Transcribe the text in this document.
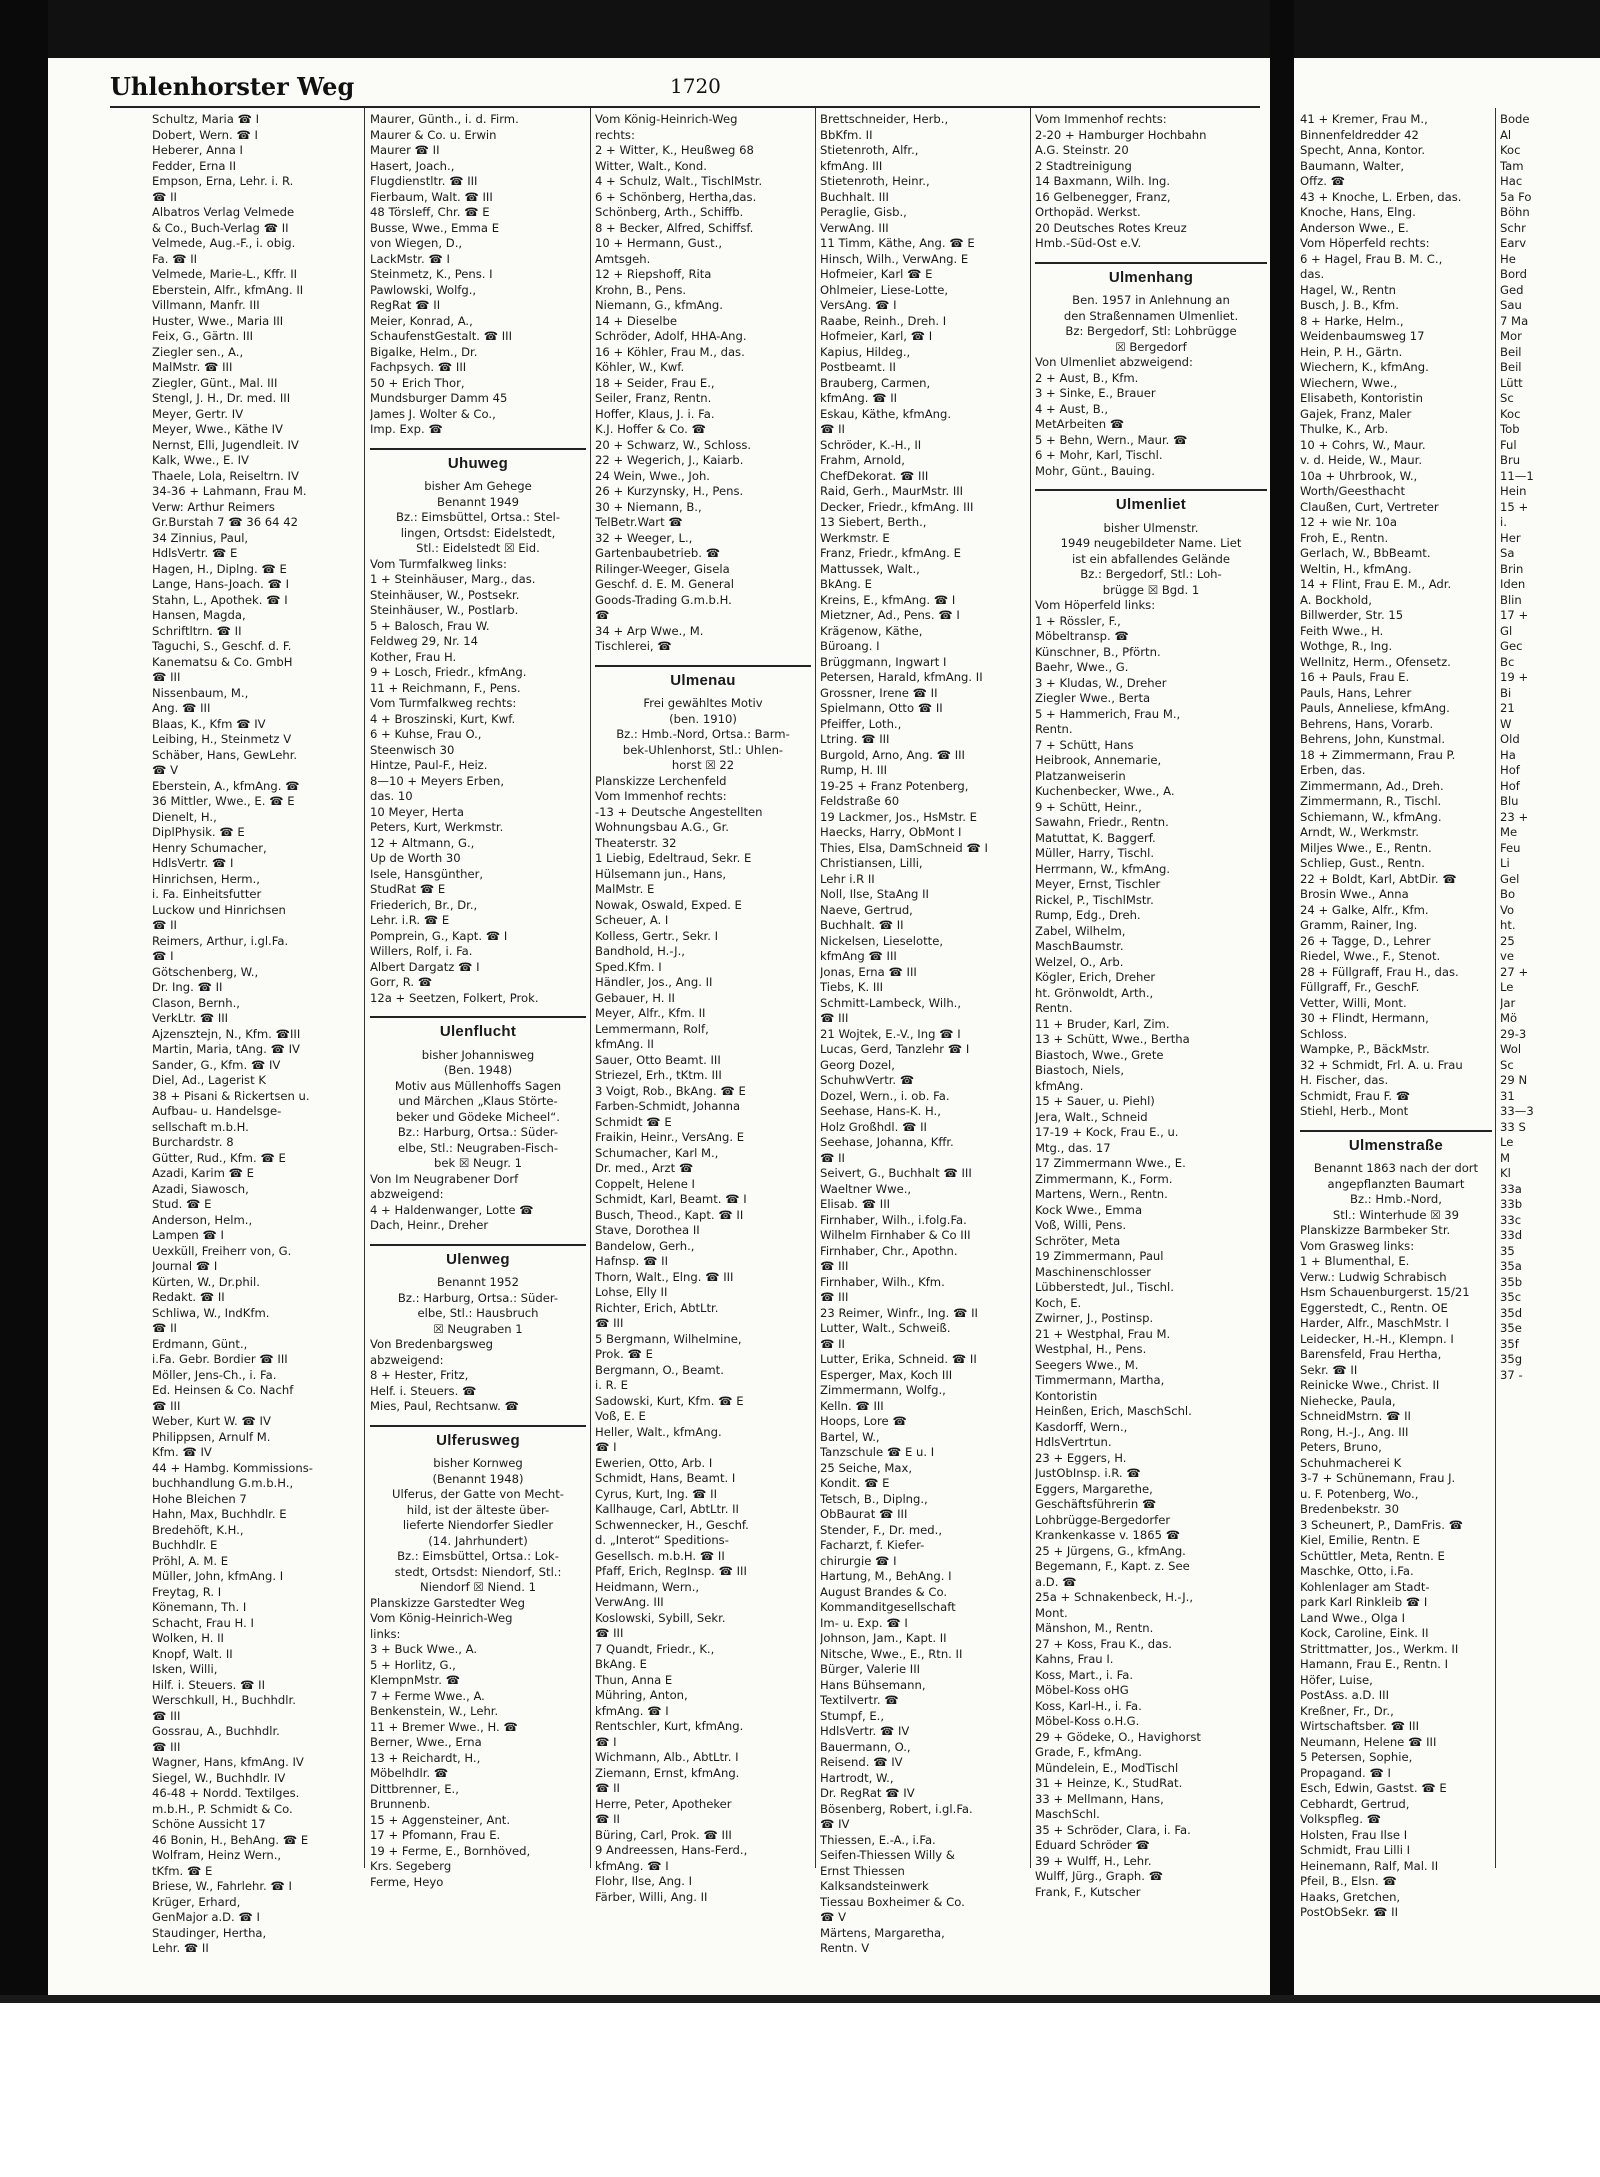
Uhlenhorster Weg	1720
Schultz, Maria ☎ I
Dobert, Wern. ☎ I
Heberer, Anna I
Fedder, Erna II
Empson, Erna, Lehr. i. R.
☎ II
Albatros Verlag Velmede
& Co., Buch-Verlag ☎ II
Velmede, Aug.-F., i. obig.
Fa. ☎ II
Velmede, Marie-L., Kffr. II
Eberstein, Alfr., kfmAng. II
Villmann, Manfr. III
Huster, Wwe., Maria III
Feix, G., Gärtn. III
Ziegler sen., A.,
MalMstr. ☎ III
Ziegler, Günt., Mal. III
Stengl, J. H., Dr. med. III
Meyer, Gertr. IV
Meyer, Wwe., Käthe IV
Nernst, Elli, Jugendleit. IV
Kalk, Wwe., E. IV
Thaele, Lola, Reiseltrn. IV
34-36 + Lahmann, Frau M.
Verw: Arthur Reimers
Gr.Burstah 7 ☎ 36 64 42
34 Zinnius, Paul,
HdlsVertr. ☎ E
Hagen, H., Diplng. ☎ E
Lange, Hans-Joach. ☎ I
Stahn, L., Apothek. ☎ I
Hansen, Magda,
Schriftltrn. ☎ II
Taguchi, S., Geschf. d. F.
Kanematsu & Co. GmbH
☎ III
Nissenbaum, M.,
Ang. ☎ III
Blaas, K., Kfm ☎ IV
Leibing, H., Steinmetz V
Schäber, Hans, GewLehr.
☎ V
Eberstein, A., kfmAng. ☎
36 Mittler, Wwe., E. ☎ E
Dienelt, H.,
DiplPhysik. ☎ E
Henry Schumacher,
HdlsVertr. ☎ I
Hinrichsen, Herm.,
i. Fa. Einheitsfutter
Luckow und Hinrichsen
☎ II
Reimers, Arthur, i.gl.Fa.
☎ I
Götschenberg, W.,
Dr. Ing. ☎ II
Clason, Bernh.,
VerkLtr. ☎ III
Ajzensztejn, N., Kfm. ☎III
Martin, Maria, tAng. ☎ IV
Sander, G., Kfm. ☎ IV
Diel, Ad., Lagerist K
38 + Pisani & Rickertsen u.
Aufbau- u. Handelsge-
sellschaft m.b.H.
Burchardstr. 8
Gütter, Rud., Kfm. ☎ E
Azadi, Karim ☎ E
Azadi, Siawosch,
Stud. ☎ E
Anderson, Helm.,
Lampen ☎ I
Uexküll, Freiherr von, G.
Journal ☎ I
Kürten, W., Dr.phil.
Redakt. ☎ II
Schliwa, W., IndKfm.
☎ II
Erdmann, Günt.,
i.Fa. Gebr. Bordier ☎ III
Möller, Jens-Ch., i. Fa.
Ed. Heinsen & Co. Nachf
☎ III
Weber, Kurt W. ☎ IV
Philippsen, Arnulf M.
Kfm. ☎ IV
44 + Hambg. Kommissions-
buchhandlung G.m.b.H.,
Hohe Bleichen 7
Hahn, Max, Buchhdlr. E
Bredehöft, K.H.,
Buchhdlr. E
Pröhl, A. M. E
Müller, John, kfmAng. I
Freytag, R. I
Könemann, Th. I
Schacht, Frau H. I
Wolken, H. II
Knopf, Walt. II
Isken, Willi,
Hilf. i. Steuers. ☎ II
Werschkull, H., Buchhdlr.
☎ III
Gossrau, A., Buchhdlr.
☎ III
Wagner, Hans, kfmAng. IV
Siegel, W., Buchhdlr. IV
46-48 + Nordd. Textilges.
m.b.H., P. Schmidt & Co.
Schöne Aussicht 17
46 Bonin, H., BehAng. ☎ E
Wolfram, Heinz Wern.,
tKfm. ☎ E
Briese, W., Fahrlehr. ☎ I
Krüger, Erhard,
GenMajor a.D. ☎ I
Staudinger, Hertha,
Lehr. ☎ II
Maurer, Günth., i. d. Firm.
Maurer & Co. u. Erwin
Maurer ☎ II
Hasert, Joach.,
Flugdienstltr. ☎ III
Fierbaum, Walt. ☎ III
48 Törsleff, Chr. ☎ E
Busse, Wwe., Emma E
von Wiegen, D.,
LackMstr. ☎ I
Steinmetz, K., Pens. I
Pawlowski, Wolfg.,
RegRat ☎ II
Meier, Konrad, A.,
SchaufenstGestalt. ☎ III
Bigalke, Helm., Dr.
Fachpsych. ☎ III
50 + Erich Thor,
Mundsburger Damm 45
James J. Wolter & Co.,
Imp. Exp. ☎
Uhuweg
bisher Am Gehege
Benannt 1949
Bz.: Eimsbüttel, Ortsa.: Stel-
lingen, Ortsdst: Eidelstedt,
Stl.: Eidelstedt ☒ Eid.
Vom Turmfalkweg links:
1 + Steinhäuser, Marg., das.
Steinhäuser, W., Postsekr.
Steinhäuser, W., Postlarb.
5 + Balosch, Frau W.
Feldweg 29, Nr. 14
Kother, Frau H.
9 + Losch, Friedr., kfmAng.
11 + Reichmann, F., Pens.
Vom Turmfalkweg rechts:
4 + Broszinski, Kurt, Kwf.
6 + Kuhse, Frau O.,
Steenwisch 30
Hintze, Paul-F., Heiz.
8—10 + Meyers Erben,
das. 10
10 Meyer, Herta
Peters, Kurt, Werkmstr.
12 + Altmann, G.,
Up de Worth 30
Isele, Hansgünther,
StudRat ☎ E
Friederich, Br., Dr.,
Lehr. i.R. ☎ E
Pomprein, G., Kapt. ☎ I
Willers, Rolf, i. Fa.
Albert Dargatz ☎ I
Gorr, R. ☎
12a + Seetzen, Folkert, Prok.
Ulenflucht
bisher Johannisweg
(Ben. 1948)
Motiv aus Müllenhoffs Sagen
und Märchen „Klaus Störte-
beker und Gödeke Micheel“.
Bz.: Harburg, Ortsa.: Süder-
elbe, Stl.: Neugraben-Fisch-
bek ☒ Neugr. 1
Von Im Neugrabener Dorf
abzweigend:
4 + Haldenwanger, Lotte ☎
Dach, Heinr., Dreher
Ulenweg
Benannt 1952
Bz.: Harburg, Ortsa.: Süder-
elbe, Stl.: Hausbruch
☒ Neugraben 1
Von Bredenbargsweg
abzweigend:
8 + Hester, Fritz,
Helf. i. Steuers. ☎
Mies, Paul, Rechtsanw. ☎
Ulferusweg
bisher Kornweg
(Benannt 1948)
Ulferus, der Gatte von Mecht-
hild, ist der älteste über-
lieferte Niendorfer Siedler
(14. Jahrhundert)
Bz.: Eimsbüttel, Ortsa.: Lok-
stedt, Ortsdst: Niendorf, Stl.:
Niendorf ☒ Niend. 1
Planskizze Garstedter Weg
Vom König-Heinrich-Weg
links:
3 + Buck Wwe., A.
5 + Horlitz, G.,
KlempnMstr. ☎
7 + Ferme Wwe., A.
Benkenstein, W., Lehr.
11 + Bremer Wwe., H. ☎
Berner, Wwe., Erna
13 + Reichardt, H.,
Möbelhdlr. ☎
Dittbrenner, E.,
Brunnenb.
15 + Aggensteiner, Ant.
17 + Pfomann, Frau E.
19 + Ferme, E., Bornhöved,
Krs. Segeberg
Ferme, Heyo
Vom König-Heinrich-Weg
rechts:
2 + Witter, K., Heußweg 68
Witter, Walt., Kond.
4 + Schulz, Walt., TischlMstr.
6 + Schönberg, Hertha,das.
Schönberg, Arth., Schiffb.
8 + Becker, Alfred, Schiffsf.
10 + Hermann, Gust.,
Amtsgeh.
12 + Riepshoff, Rita
Krohn, B., Pens.
Niemann, G., kfmAng.
14 + Dieselbe
Schröder, Adolf, HHA-Ang.
16 + Köhler, Frau M., das.
Köhler, W., Kwf.
18 + Seider, Frau E.,
Seiler, Franz, Rentn.
Hoffer, Klaus, J. i. Fa.
K.J. Hoffer & Co. ☎
20 + Schwarz, W., Schloss.
22 + Wegerich, J., Kaiarb.
24 Wein, Wwe., Joh.
26 + Kurzynsky, H., Pens.
30 + Niemann, B.,
TelBetr.Wart ☎
32 + Weeger, L.,
Gartenbaubetrieb. ☎
Rilinger-Weeger, Gisela
Geschf. d. E. M. General
Goods-Trading G.m.b.H.
☎
34 + Arp Wwe., M.
Tischlerei, ☎
Ulmenau
Frei gewähltes Motiv
(ben. 1910)
Bz.: Hmb.-Nord, Ortsa.: Barm-
bek-Uhlenhorst, Stl.: Uhlen-
horst ☒ 22
Planskizze Lerchenfeld
Vom Immenhof rechts:
-13 + Deutsche Angestellten
Wohnungsbau A.G., Gr.
Theaterstr. 32
1 Liebig, Edeltraud, Sekr. E
Hülsemann jun., Hans,
MalMstr. E
Nowak, Oswald, Exped. E
Scheuer, A. I
Kolless, Gertr., Sekr. I
Bandhold, H.-J.,
Sped.Kfm. I
Händler, Jos., Ang. II
Gebauer, H. II
Meyer, Alfr., Kfm. II
Lemmermann, Rolf,
kfmAng. II
Sauer, Otto Beamt. III
Striezel, Erh., tKtm. III
3 Voigt, Rob., BkAng. ☎ E
Farben-Schmidt, Johanna
Schmidt ☎ E
Fraikin, Heinr., VersAng. E
Schumacher, Karl M.,
Dr. med., Arzt ☎
Coppelt, Helene I
Schmidt, Karl, Beamt. ☎ I
Busch, Theod., Kapt. ☎ II
Stave, Dorothea II
Bandelow, Gerh.,
Hafnsp. ☎ II
Thorn, Walt., Elng. ☎ III
Lohse, Elly II
Richter, Erich, AbtLtr.
☎ III
5 Bergmann, Wilhelmine,
Prok. ☎ E
Bergmann, O., Beamt.
i. R. E
Sadowski, Kurt, Kfm. ☎ E
Voß, E. E
Heller, Walt., kfmAng.
☎ I
Ewerien, Otto, Arb. I
Schmidt, Hans, Beamt. I
Cyrus, Kurt, Ing. ☎ II
Kallhauge, Carl, AbtLtr. II
Schwennecker, H., Geschf.
d. „Interot“ Speditions-
Gesellsch. m.b.H. ☎ II
Pfaff, Erich, RegInsp. ☎ III
Heidmann, Wern.,
VerwAng. III
Koslowski, Sybill, Sekr.
☎ III
7 Quandt, Friedr., K.,
BkAng. E
Thun, Anna E
Mühring, Anton,
kfmAng. ☎ I
Rentschler, Kurt, kfmAng.
☎ I
Wichmann, Alb., AbtLtr. I
Ziemann, Ernst, kfmAng.
☎ II
Herre, Peter, Apotheker
☎ II
Büring, Carl, Prok. ☎ III
9 Andreessen, Hans-Ferd.,
kfmAng. ☎ I
Flohr, Ilse, Ang. I
Färber, Willi, Ang. II
Brettschneider, Herb.,
BbKfm. II
Stietenroth, Alfr.,
kfmAng. III
Stietenroth, Heinr.,
Buchhalt. III
Peraglie, Gisb.,
VerwAng. III
11 Timm, Käthe, Ang. ☎ E
Hinsch, Wilh., VerwAng. E
Hofmeier, Karl ☎ E
Ohlmeier, Liese-Lotte,
VersAng. ☎ I
Raabe, Reinh., Dreh. I
Hofmeier, Karl, ☎ I
Kapius, Hildeg.,
Postbeamt. II
Brauberg, Carmen,
kfmAng. ☎ II
Eskau, Käthe, kfmAng.
☎ II
Schröder, K.-H., II
Frahm, Arnold,
ChefDekorat. ☎ III
Raid, Gerh., MaurMstr. III
Decker, Friedr., kfmAng. III
13 Siebert, Berth.,
Werkmstr. E
Franz, Friedr., kfmAng. E
Mattussek, Walt.,
BkAng. E
Kreins, E., kfmAng. ☎ I
Mietzner, Ad., Pens. ☎ I
Krägenow, Käthe,
Büroang. I
Brüggmann, Ingwart I
Petersen, Harald, kfmAng. II
Grossner, Irene ☎ II
Spielmann, Otto ☎ II
Pfeiffer, Loth.,
Ltring. ☎ III
Burgold, Arno, Ang. ☎ III
Rump, H. III
19-25 + Franz Potenberg,
Feldstraße 60
19 Lackmer, Jos., HsMstr. E
Haecks, Harry, ObMont I
Thies, Elsa, DamSchneid ☎ I
Christiansen, Lilli,
Lehr i.R II
Noll, Ilse, StaAng II
Naeve, Gertrud,
Buchhalt. ☎ II
Nickelsen, Lieselotte,
kfmAng ☎ III
Jonas, Erna ☎ III
Tiebs, K. III
Schmitt-Lambeck, Wilh.,
☎ III
21 Wojtek, E.-V., Ing ☎ I
Lucas, Gerd, Tanzlehr ☎ I
Georg Dozel,
SchuhwVertr. ☎
Dozel, Wern., i. ob. Fa.
Seehase, Hans-K. H.,
Holz Großhdl. ☎ II
Seehase, Johanna, Kffr.
☎ II
Seivert, G., Buchhalt ☎ III
Waeltner Wwe.,
Elisab. ☎ III
Firnhaber, Wilh., i.folg.Fa.
Wilhelm Firnhaber & Co III
Firnhaber, Chr., Apothn.
☎ III
Firnhaber, Wilh., Kfm.
☎ III
23 Reimer, Winfr., Ing. ☎ II
Lutter, Walt., Schweiß.
☎ II
Lutter, Erika, Schneid. ☎ II
Esperger, Max, Koch III
Zimmermann, Wolfg.,
Kelln. ☎ III
Hoops, Lore ☎
Bartel, W.,
Tanzschule ☎ E u. I
25 Seiche, Max,
Kondit. ☎ E
Tetsch, B., Diplng.,
ObBaurat ☎ III
Stender, F., Dr. med.,
Facharzt, f. Kiefer-
chirurgie ☎ I
Hartung, M., BehAng. I
August Brandes & Co.
Kommanditgesellschaft
Im- u. Exp. ☎ I
Johnson, Jam., Kapt. II
Nitsche, Wwe., E., Rtn. II
Bürger, Valerie III
Hans Bühsemann,
Textilvertr. ☎
Stumpf, E.,
HdlsVertr. ☎ IV
Bauermann, O.,
Reisend. ☎ IV
Hartrodt, W.,
Dr. RegRat ☎ IV
Bösenberg, Robert, i.gl.Fa.
☎ IV
Thiessen, E.-A., i.Fa.
Seifen-Thiessen Willy &
Ernst Thiessen
Kalksandsteinwerk
Tiessau Boxheimer & Co.
☎ V
Märtens, Margaretha,
Rentn. V
Vom Immenhof rechts:
2-20 + Hamburger Hochbahn
A.G. Steinstr. 20
2 Stadtreinigung
14 Baxmann, Wilh. Ing.
16 Gelbenegger, Franz,
Orthopäd. Werkst.
20 Deutsches Rotes Kreuz
Hmb.-Süd-Ost e.V.
Ulmenhang
Ben. 1957 in Anlehnung an
den Straßennamen Ulmenliet.
Bz: Bergedorf, Stl: Lohbrügge
☒ Bergedorf
Von Ulmenliet abzweigend:
2 + Aust, B., Kfm.
3 + Sinke, E., Brauer
4 + Aust, B.,
MetArbeiten ☎
5 + Behn, Wern., Maur. ☎
6 + Mohr, Karl, Tischl.
Mohr, Günt., Bauing.
Ulmenliet
bisher Ulmenstr.
1949 neugebildeter Name. Liet
ist ein abfallendes Gelände
Bz.: Bergedorf, Stl.: Loh-
brügge ☒ Bgd. 1
Vom Höperfeld links:
1 + Rössler, F.,
Möbeltransp. ☎
Künschner, B., Pförtn.
Baehr, Wwe., G.
3 + Kludas, W., Dreher
Ziegler Wwe., Berta
5 + Hammerich, Frau M.,
Rentn.
7 + Schütt, Hans
Heibrook, Annemarie,
Platzanweiserin
Kuchenbecker, Wwe., A.
9 + Schütt, Heinr.,
Sawahn, Friedr., Rentn.
Matuttat, K. Baggerf.
Müller, Harry, Tischl.
Herrmann, W., kfmAng.
Meyer, Ernst, Tischler
Rickel, P., TischlMstr.
Rump, Edg., Dreh.
Zabel, Wilhelm,
MaschBaumstr.
Welzel, O., Arb.
Kögler, Erich, Dreher
ht. Grönwoldt, Arth.,
Rentn.
11 + Bruder, Karl, Zim.
13 + Schütt, Wwe., Bertha
Biastoch, Wwe., Grete
Biastoch, Niels,
kfmAng.
15 + Sauer, u. Piehl)
Jera, Walt., Schneid
17-19 + Kock, Frau E., u.
Mtg., das. 17
17 Zimmermann Wwe., E.
Zimmermann, K., Form.
Martens, Wern., Rentn.
Kock Wwe., Emma
Voß, Willi, Pens.
Schröter, Meta
19 Zimmermann, Paul
Maschinenschlosser
Lübberstedt, Jul., Tischl.
Koch, E.
Zwirner, J., Postinsp.
21 + Westphal, Frau M.
Westphal, H., Pens.
Seegers Wwe., M.
Timmermann, Martha,
Kontoristin
Heinßen, Erich, MaschSchl.
Kasdorff, Wern.,
HdlsVertrtun.
23 + Eggers, H.
JustObInsp. i.R. ☎
Eggers, Margarethe,
Geschäftsführerin ☎
Lohbrügge-Bergedorfer
Krankenkasse v. 1865 ☎
25 + Jürgens, G., kfmAng.
Begemann, F., Kapt. z. See
a.D. ☎
25a + Schnakenbeck, H.-J.,
Mont.
Mänshon, M., Rentn.
27 + Koss, Frau K., das.
Kahns, Frau I.
Koss, Mart., i. Fa.
Möbel-Koss oHG
Koss, Karl-H., i. Fa.
Möbel-Koss o.H.G.
29 + Gödeke, O., Havighorst
Grade, F., kfmAng.
Mündelein, E., ModTischl
31 + Heinze, K., StudRat.
33 + Mellmann, Hans,
MaschSchl.
35 + Schröder, Clara, i. Fa.
Eduard Schröder ☎
39 + Wulff, H., Lehr.
Wulff, Jürg., Graph. ☎
Frank, F., Kutscher
41 + Kremer, Frau M.,
Binnenfeldredder 42
Specht, Anna, Kontor.
Baumann, Walter,
Offz. ☎
43 + Knoche, L. Erben, das.
Knoche, Hans, Elng.
Anderson Wwe., E.
Vom Höperfeld rechts:
6 + Hagel, Frau B. M. C.,
das.
Hagel, W., Rentn
Busch, J. B., Kfm.
8 + Harke, Helm.,
Weidenbaumsweg 17
Hein, P. H., Gärtn.
Wiechern, K., kfmAng.
Wiechern, Wwe.,
Elisabeth, Kontoristin
Gajek, Franz, Maler
Thulke, K., Arb.
10 + Cohrs, W., Maur.
v. d. Heide, W., Maur.
10a + Uhrbrook, W.,
Worth/Geesthacht
Claußen, Curt, Vertreter
12 + wie Nr. 10a
Froh, E., Rentn.
Gerlach, W., BbBeamt.
Weltin, H., kfmAng.
14 + Flint, Frau E. M., Adr.
A. Bockhold,
Billwerder, Str. 15
Feith Wwe., H.
Wothge, R., Ing.
Wellnitz, Herm., Ofensetz.
16 + Pauls, Frau E.
Pauls, Hans, Lehrer
Pauls, Anneliese, kfmAng.
Behrens, Hans, Vorarb.
Behrens, John, Kunstmal.
18 + Zimmermann, Frau P.
Erben, das.
Zimmermann, Ad., Dreh.
Zimmermann, R., Tischl.
Schiemann, W., kfmAng.
Arndt, W., Werkmstr.
Miljes Wwe., E., Rentn.
Schliep, Gust., Rentn.
22 + Boldt, Karl, AbtDir. ☎
Brosin Wwe., Anna
24 + Galke, Alfr., Kfm.
Gramm, Rainer, Ing.
26 + Tagge, D., Lehrer
Riedel, Wwe., F., Stenot.
28 + Füllgraff, Frau H., das.
Füllgraff, Fr., GeschF.
Vetter, Willi, Mont.
30 + Flindt, Hermann,
Schloss.
Wampke, P., BäckMstr.
32 + Schmidt, Frl. A. u. Frau
H. Fischer, das.
Schmidt, Frau F. ☎
Stiehl, Herb., Mont
Ulmenstraße
Benannt 1863 nach der dort
angepflanzten Baumart
Bz.: Hmb.-Nord,
Stl.: Winterhude ☒ 39
Planskizze Barmbeker Str.
Vom Grasweg links:
1 + Blumenthal, E.
Verw.: Ludwig Schrabisch
Hsm Schauenburgerst. 15/21
Eggerstedt, C., Rentn. OE
Harder, Alfr., MaschMstr. I
Leidecker, H.-H., Klempn. I
Barensfeld, Frau Hertha,
Sekr. ☎ II
Reinicke Wwe., Christ. II
Niehecke, Paula,
SchneidMstrn. ☎ II
Rong, H.-J., Ang. III
Peters, Bruno,
Schuhmacherei K
3-7 + Schünemann, Frau J.
u. F. Potenberg, Wo.,
Bredenbekstr. 30
3 Scheunert, P., DamFris. ☎
Kiel, Emilie, Rentn. E
Schüttler, Meta, Rentn. E
Maschke, Otto, i.Fa.
Kohlenlager am Stadt-
park Karl Rinkleib ☎ I
Land Wwe., Olga I
Kock, Caroline, Eink. II
Strittmatter, Jos., Werkm. II
Hamann, Frau E., Rentn. I
Höfer, Luise,
PostAss. a.D. III
Kreßner, Fr., Dr.,
Wirtschaftsber. ☎ III
Neumann, Helene ☎ III
5 Petersen, Sophie,
Propagand. ☎ I
Esch, Edwin, Gastst. ☎ E
Cebhardt, Gertrud,
Volkspfleg. ☎
Holsten, Frau Ilse I
Schmidt, Frau Lilli I
Heinemann, Ralf, Mal. II
Pfeil, B., Elsn. ☎
Haaks, Gretchen,
PostObSekr. ☎ II
Bode
Al
Koc
Tam
Hac
5a Fo
Böhn
Schr
Earv
He
Bord
Ged
Sau
7 Ma
Mor
Beil
Beil
Lütt
Sc
Koc
Tob
Ful
Bru
11—1
Hein
15 +
i.
Her
Sa
Brin
Iden
Blin
17 +
Gl
Gec
Bc
19 +
Bi
21
W
Old
Ha
Hof
Hof
Blu
23 +
Me
Feu
Li
Gel
Bo
Vo
ht.
25
ve
27 +
Le
Jar
Mö
29-3
Wol
Sc
29 N
31
33—3
33 S
Le
M
Kl
33a
33b
33c
33d
35
35a
35b
35c
35d
35e
35f
35g
37 -
